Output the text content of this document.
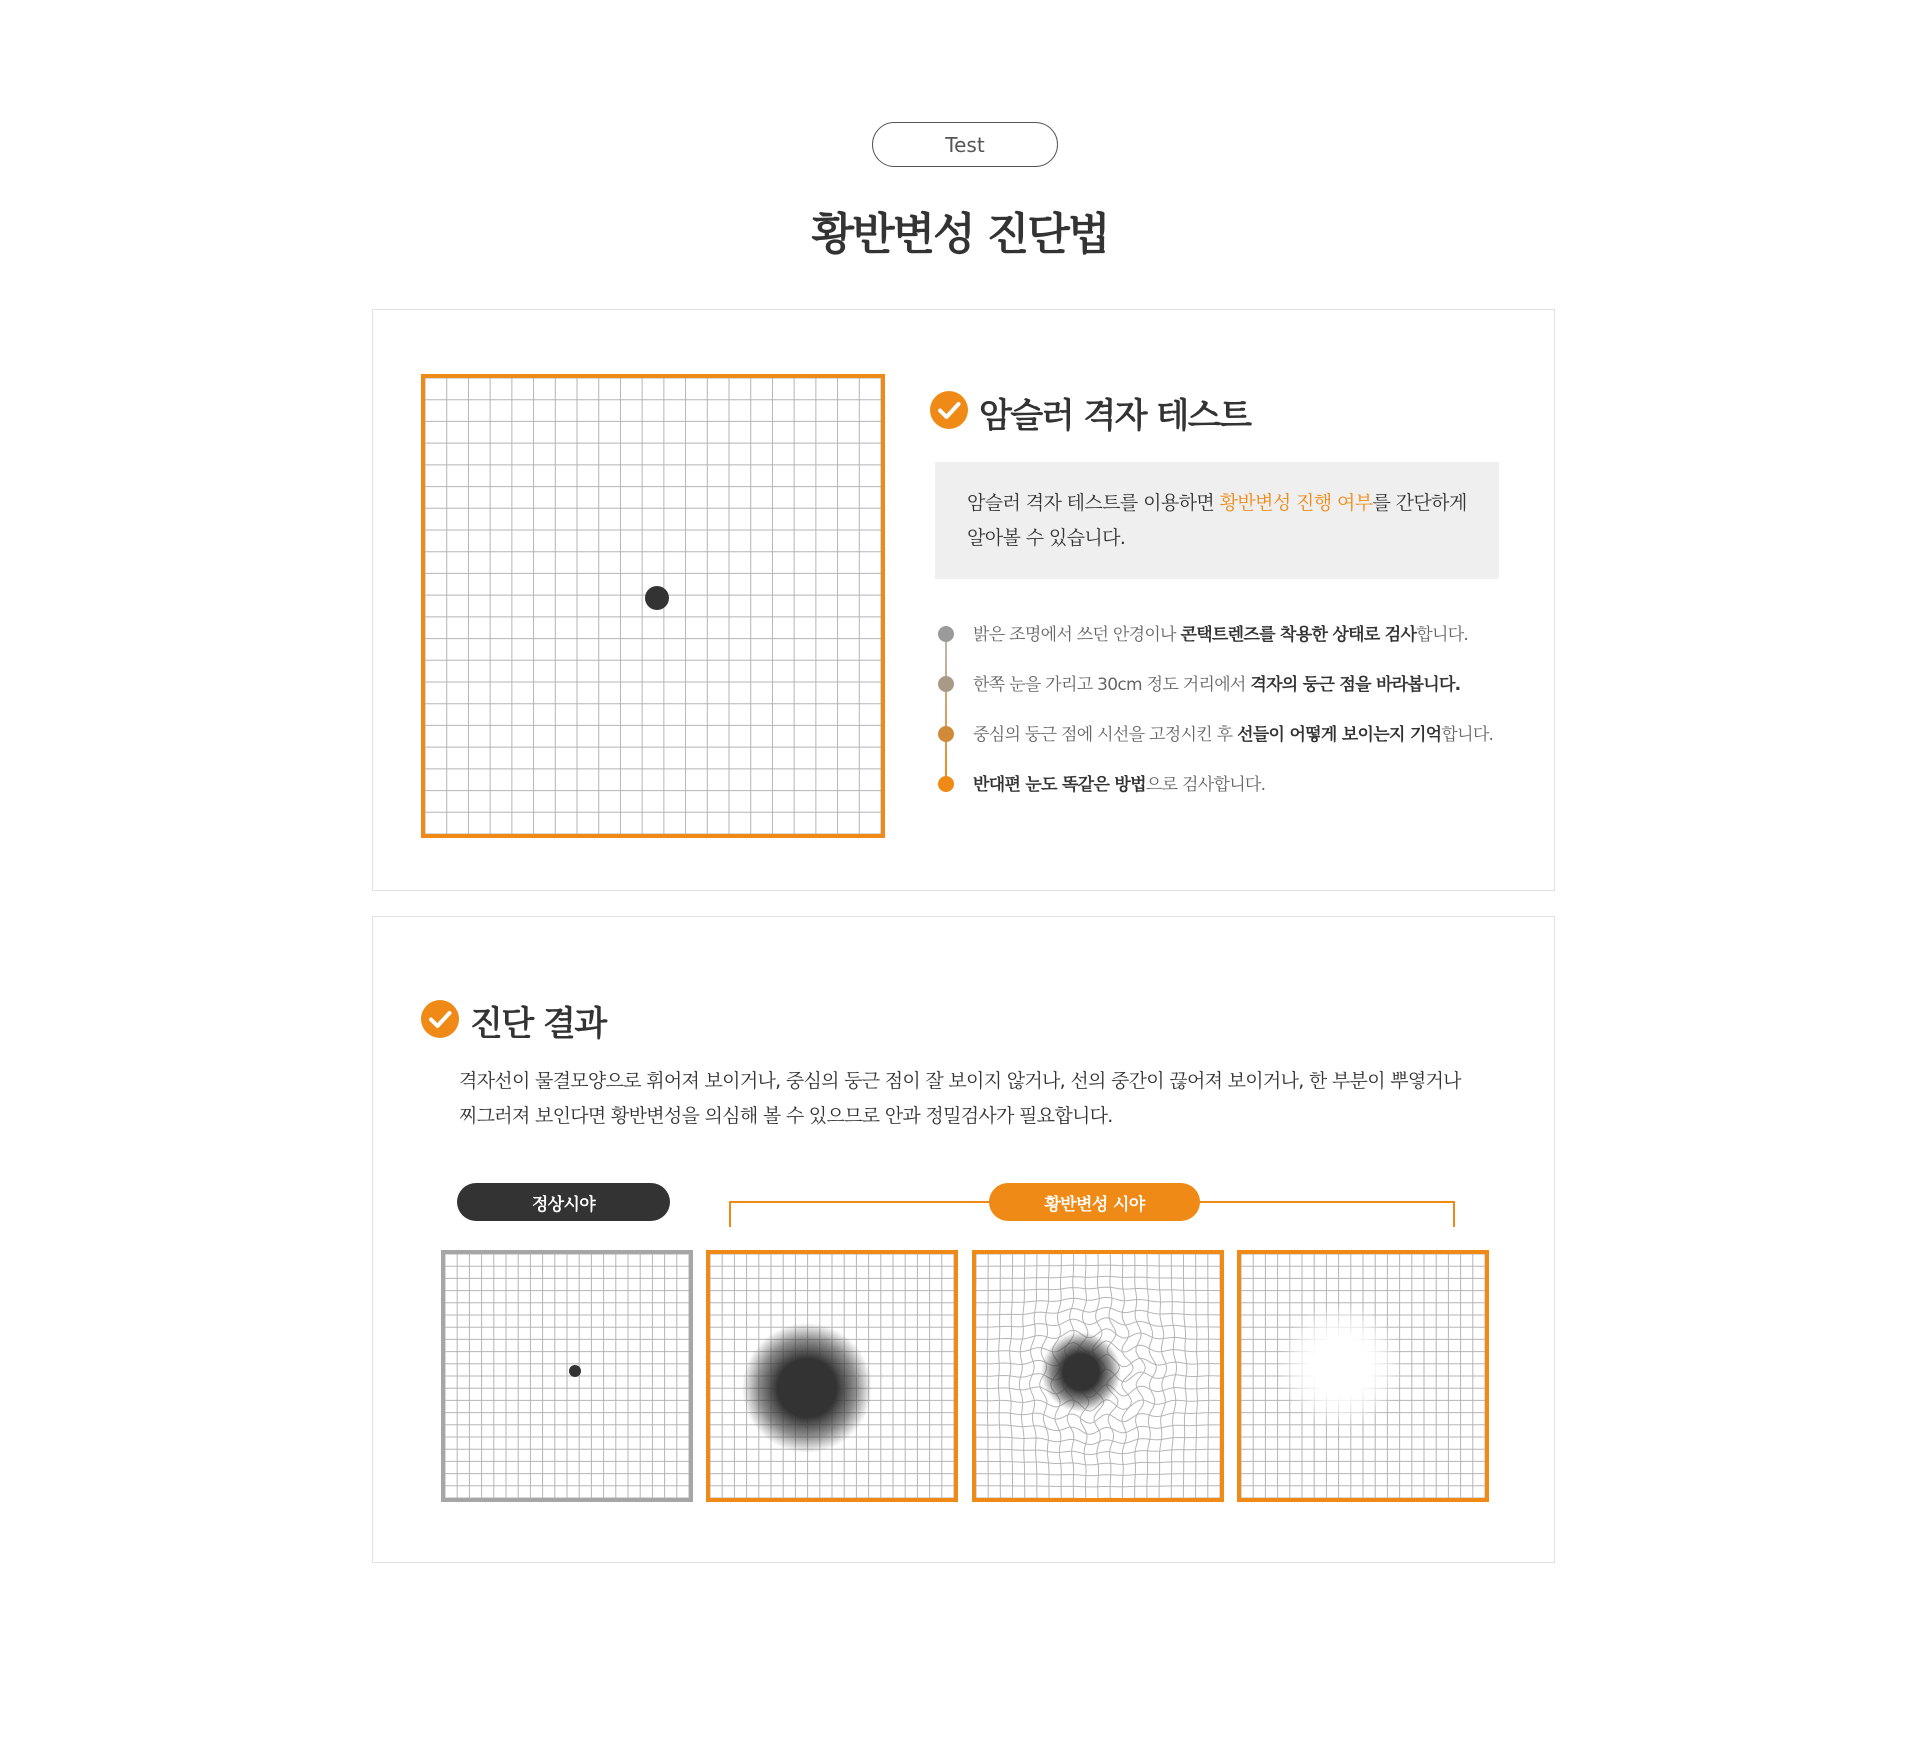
Test
황반변성 진단법
암슬러 격자 테스트
암슬러 격자 테스트를 이용하면 황반변성 진행 여부를 간단하게
알아볼 수 있습니다.
밝은 조명에서 쓰던 안경이나 콘택트렌즈를 착용한 상태로 검사합니다.
한쪽 눈을 가리고 30cm 정도 거리에서 격자의 둥근 점을 바라봅니다.
중심의 둥근 점에 시선을 고정시킨 후 선들이 어떻게 보이는지 기억합니다.
반대편 눈도 똑같은 방법으로 검사합니다.
진단 결과
격자선이 물결모양으로 휘어져 보이거나, 중심의 둥근 점이 잘 보이지 않거나, 선의 중간이 끊어져 보이거나, 한 부분이 뿌옇거나
찌그러져 보인다면 황반변성을 의심해 볼 수 있으므로 안과 정밀검사가 필요합니다.
정상시야	황반변성 시야
